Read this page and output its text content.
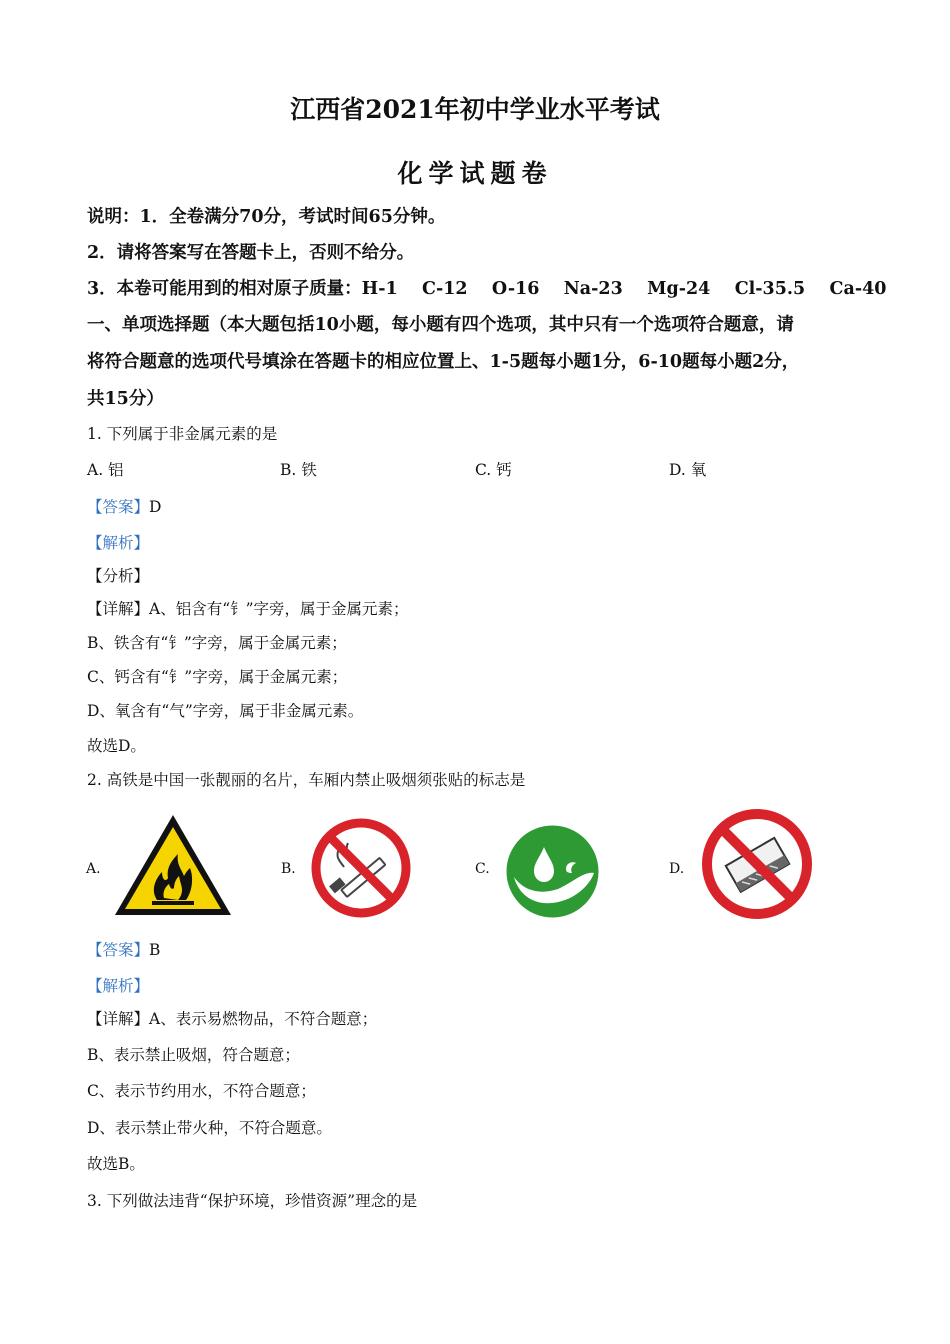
江西省2021年初中学业水平考试
化学试题卷
说明：1．全卷满分70分，考试时间65分钟。
2．请将答案写在答题卡上，否则不给分。
3．本卷可能用到的相对原子质量：H-1    C-12    O-16    Na-23    Mg-24    Cl-35.5    Ca-40
一、单项选择题（本大题包括10小题，每小题有四个选项，其中只有一个选项符合题意，请
将符合题意的选项代号填涂在答题卡的相应位置上、1-5题每小题1分，6-10题每小题2分，
共15分）
1. 下列属于非金属元素的是
A. 铝	B. 铁	C. 钙	D. 氧
【答案】D
【解析】
【分析】
【详解】A、铝含有“钅”字旁，属于金属元素；
B、铁含有“钅”字旁，属于金属元素；
C、钙含有“钅”字旁，属于金属元素；
D、氧含有“气”字旁，属于非金属元素。
故选D。
2. 高铁是中国一张靓丽的名片，车厢内禁止吸烟须张贴的标志是
A.	B.	C.	D.
【答案】B
【解析】
【详解】A、表示易燃物品，不符合题意；
B、表示禁止吸烟，符合题意；
C、表示节约用水，不符合题意；
D、表示禁止带火种，不符合题意。
故选B。
3. 下列做法违背“保护环境，珍惜资源”理念的是
